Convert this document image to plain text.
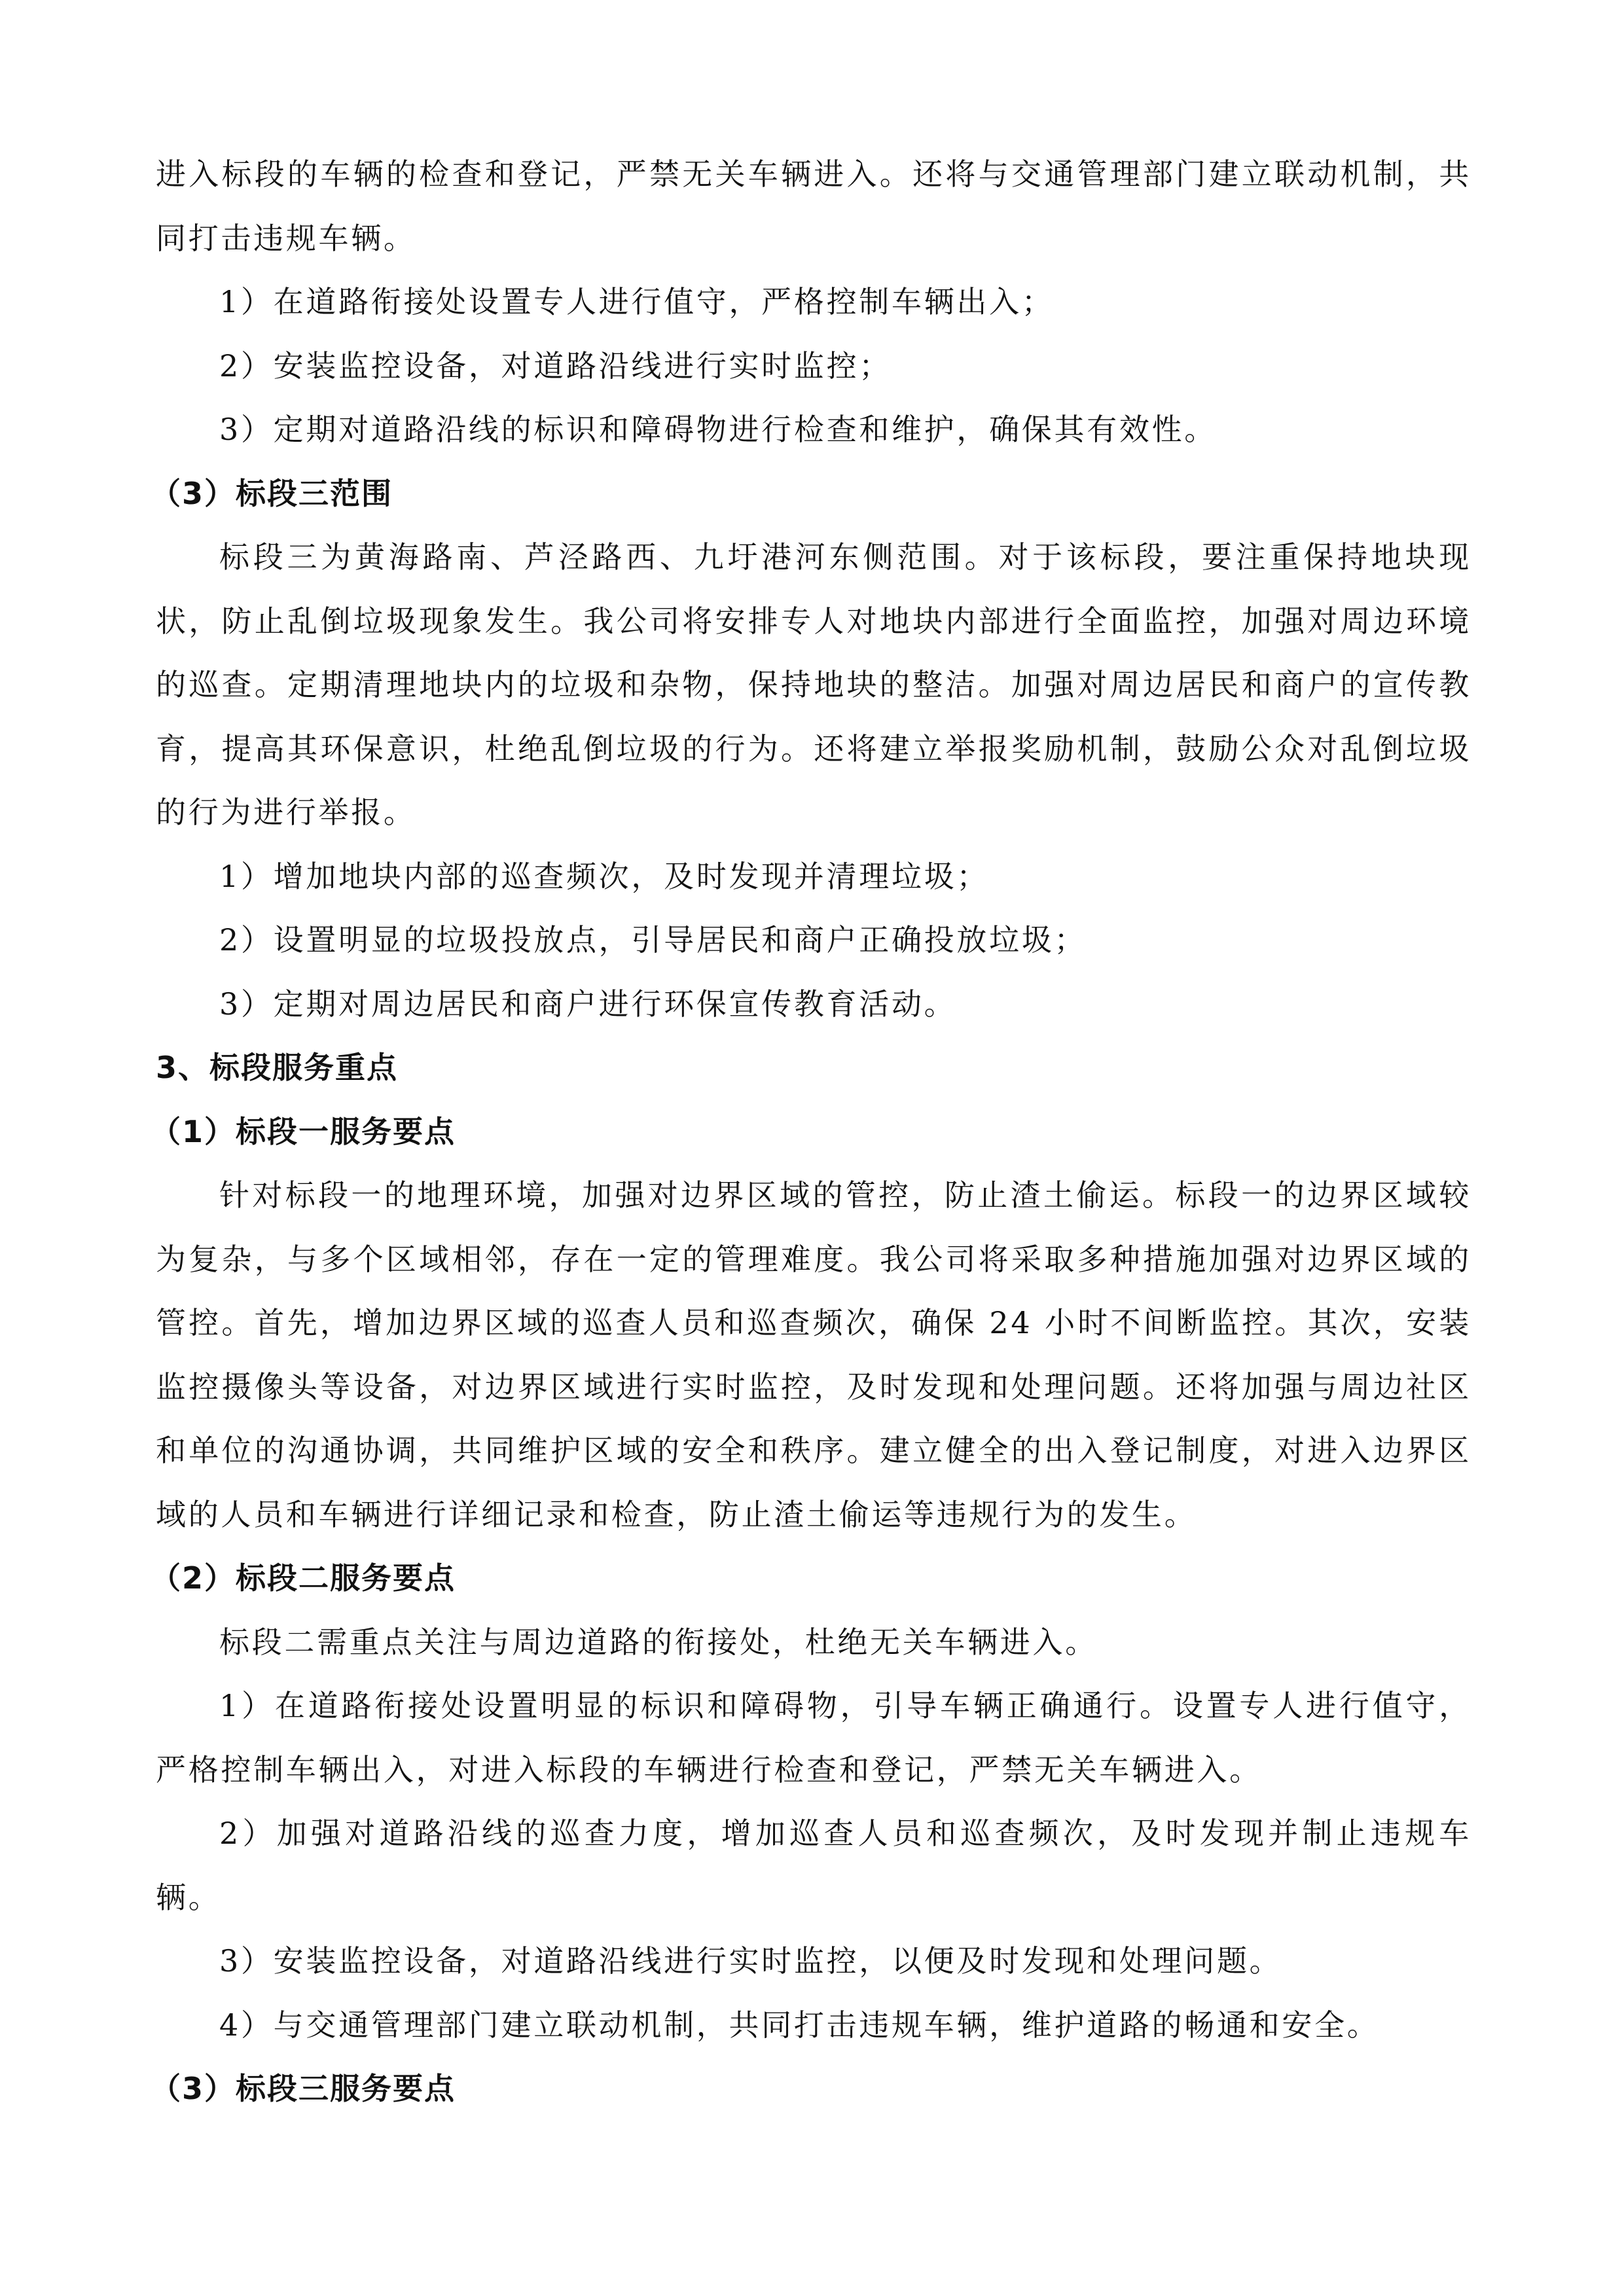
进入标段的车辆的检查和登记，严禁无关车辆进入。还将与交通管理部门建立联动机制，共同打击违规车辆。

1）在道路衔接处设置专人进行值守，严格控制车辆出入；

2）安装监控设备，对道路沿线进行实时监控；

3）定期对道路沿线的标识和障碍物进行检查和维护，确保其有效性。

（3）标段三范围

标段三为黄海路南、芦泾路西、九圩港河东侧范围。对于该标段，要注重保持地块现状，防止乱倒垃圾现象发生。我公司将安排专人对地块内部进行全面监控，加强对周边环境的巡查。定期清理地块内的垃圾和杂物，保持地块的整洁。加强对周边居民和商户的宣传教育，提高其环保意识，杜绝乱倒垃圾的行为。还将建立举报奖励机制，鼓励公众对乱倒垃圾的行为进行举报。

1）增加地块内部的巡查频次，及时发现并清理垃圾；

2）设置明显的垃圾投放点，引导居民和商户正确投放垃圾；

3）定期对周边居民和商户进行环保宣传教育活动。

3、标段服务重点

（1）标段一服务要点

针对标段一的地理环境，加强对边界区域的管控，防止渣土偷运。标段一的边界区域较为复杂，与多个区域相邻，存在一定的管理难度。我公司将采取多种措施加强对边界区域的管控。首先，增加边界区域的巡查人员和巡查频次，确保 24 小时不间断监控。其次，安装监控摄像头等设备，对边界区域进行实时监控，及时发现和处理问题。还将加强与周边社区和单位的沟通协调，共同维护区域的安全和秩序。建立健全的出入登记制度，对进入边界区域的人员和车辆进行详细记录和检查，防止渣土偷运等违规行为的发生。

（2）标段二服务要点

标段二需重点关注与周边道路的衔接处，杜绝无关车辆进入。

1）在道路衔接处设置明显的标识和障碍物，引导车辆正确通行。设置专人进行值守，严格控制车辆出入，对进入标段的车辆进行检查和登记，严禁无关车辆进入。

2）加强对道路沿线的巡查力度，增加巡查人员和巡查频次，及时发现并制止违规车辆。

3）安装监控设备，对道路沿线进行实时监控，以便及时发现和处理问题。

4）与交通管理部门建立联动机制，共同打击违规车辆，维护道路的畅通和安全。

（3）标段三服务要点
